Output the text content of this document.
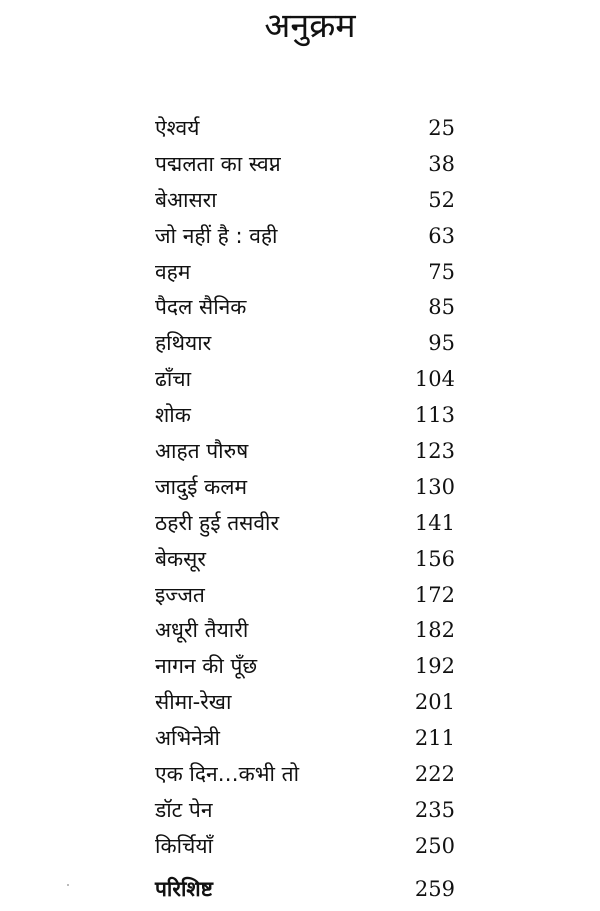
अनुक्रम
ऐश्वर्य	25
पद्मलता का स्वप्न	38
बेआसरा	52
जो नहीं है : वही	63
वहम	75
पैदल सैनिक	85
हथियार	95
ढाँचा	104
शोक	113
आहत पौरुष	123
जादुई कलम	130
ठहरी हुई तसवीर	141
बेकसूर	156
इज्जत	172
अधूरी तैयारी	182
नागन की पूँछ	192
सीमा-रेखा	201
अभिनेत्री	211
एक दिन…कभी तो	222
डॉट पेन	235
किर्चियाँ	250
परिशिष्ट	259
